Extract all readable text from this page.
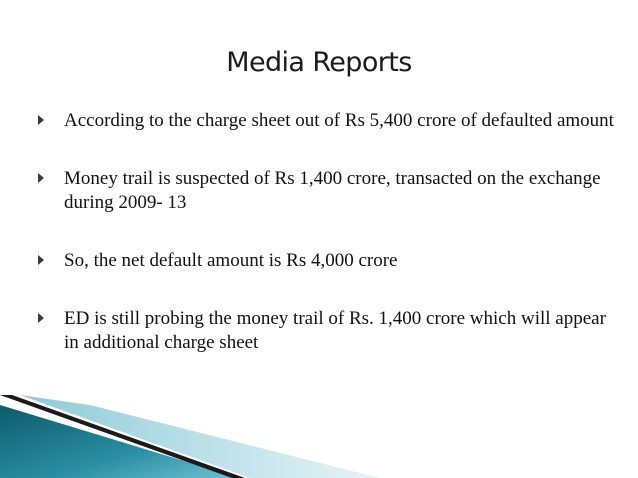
Media Reports
According to the charge sheet out of Rs 5,400 crore of defaulted amount
Money trail is suspected of Rs 1,400 crore, transacted on the exchange during 2009- 13
So, the net default amount is Rs 4,000 crore
ED is still probing the money trail of Rs. 1,400 crore which will appear in additional charge sheet
